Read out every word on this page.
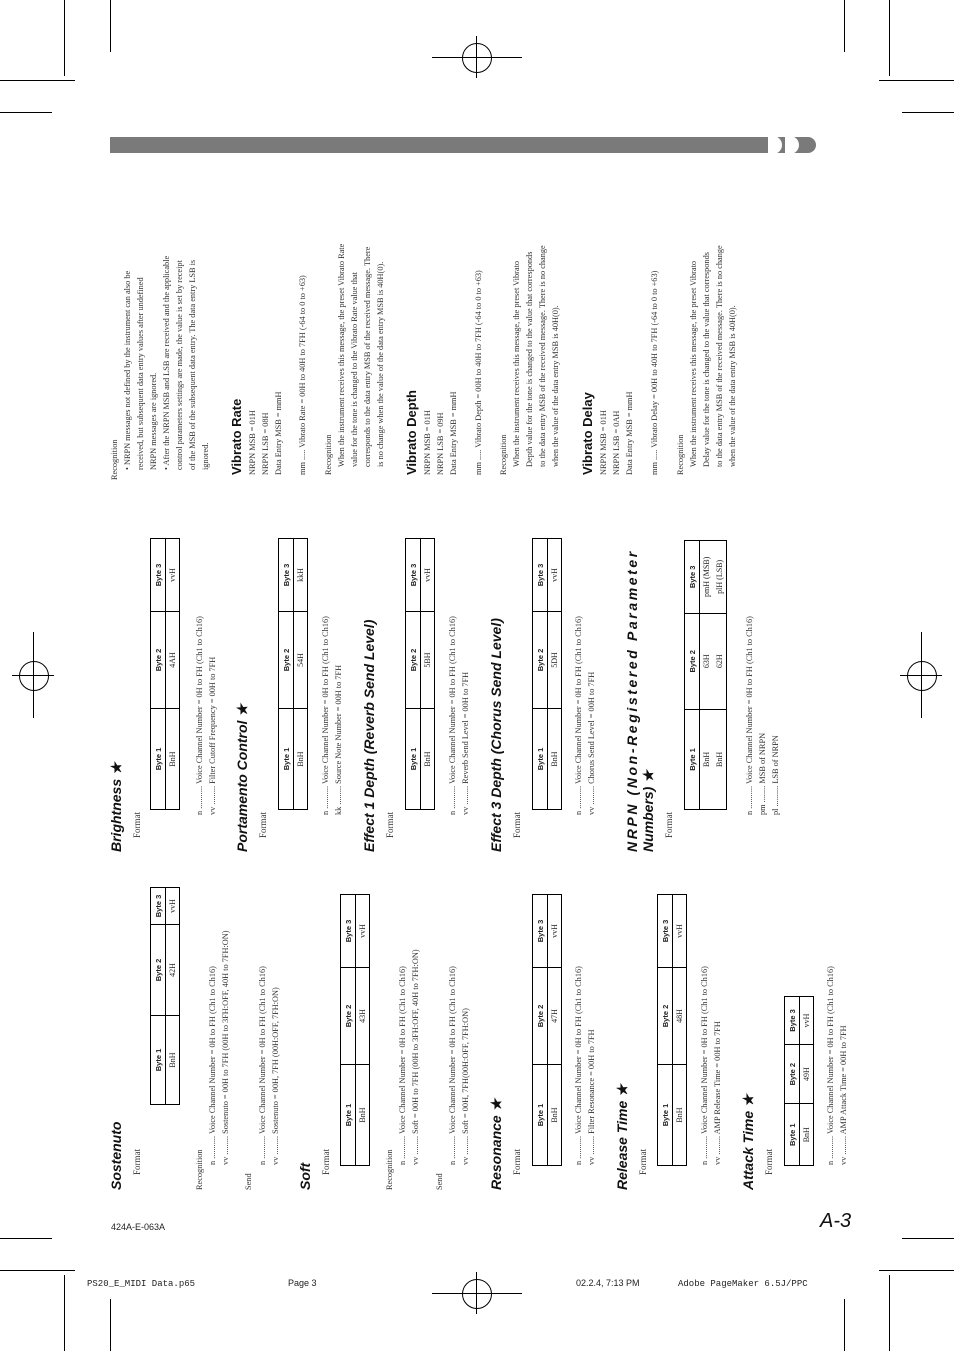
424A-E-063A	A-3
PS20_E_MIDI Data.p65	Page 3	02.2.4, 7:13 PM	Adobe PageMaker 6.5J/PPC
Sostenuto Format
Byte 1	Byte 2	Byte 3
BnH	42H	vvH
Recognition
n ........... Voice Channel Number = 0H to FH (Ch1 to Ch16) vv ......... Sostenuto = 00H to 7FH (00H to 3FH:OFF, 40H to 7FH:ON)
Send
n ........... Voice Channel Number = 0H to FH (Ch1 to Ch16) vv ......... Sostenuto = 00H, 7FH (00H:OFF, 7FH:ON)
Soft
Format
Byte 1	Byte 2	Byte 3
BnH	43H	vvH
Recognition
n ........... Voice Channel Number = 0H to FH (Ch1 to Ch16) vv ......... Soft = 00H to 7FH (00H to 3FH:OFF, 40H to 7FH:ON)
Send
n ........... Voice Channel Number = 0H to FH (Ch1 to Ch16) vv ......... Soft = 00H, 7FH(00H:OFF, 7FH:ON) Resonance ★ Format
Byte 1	Byte 2	Byte 3
BnH	47H	vvH
n ........... Voice Channel Number = 0H to FH (Ch1 to Ch16) vv ......... Filter Resonance = 00H to 7FH Release Time ★ Format
Byte 1	Byte 2	Byte 3
BnH	48H	vvH
n ........... Voice Channel Number = 0H to FH (Ch1 to Ch16) vv ......... AMP Release Time = 00H to 7FH Attack Time ★ Format
Byte 1	Byte 2	Byte 3
BnH	49H	vvH n ........... Voice Channel Number = 0H to FH (Ch1 to Ch16) vv ......... AMP Attack Time = 00H to 7FH
Brightness ★ Format
Byte 1	Byte 2	Byte 3
BnH	4AH	vvH
n ........... Voice Channel Number = 0H to FH (Ch1 to Ch16) vv ......... Filter Cutoff Frequency = 00H to 7FH Portamento Control ★ Format
Byte 1	Byte 2	Byte 3
BnH	54H	kkH
n ........... Voice Channel Number = 0H to FH (Ch1 to Ch16) kk ......... Source Note Number = 00H to 7FH Effect 1 Depth (Reverb Send Level) Format
Byte 1	Byte 2	Byte 3
BnH	5BH	vvH
n ........... Voice Channel Number = 0H to FH (Ch1 to Ch16) vv ......... Reverb Send Level = 00H to 7FH Effect 3 Depth (Chorus Send Level) Format
Byte 1	Byte 2	Byte 3
BnH	5DH	vvH
n ........... Voice Channel Number = 0H to FH (Ch1 to Ch16) vv ......... Chorus Send Level = 00H to 7FH NRPN (Non-Registered Parameter Numbers) ★ Format
Byte 1	Byte 2	Byte 3
BnH	63H	pmH (MSB)
BnH	62H	plH (LSB)
n ........... Voice Channel Number = 0H to FH (Ch1 to Ch16) pm ........ MSB of NRPN pl .......... LSB of NRPN
Recognition • NRPN messages not defined by the instrument can also be received, but subsequent data entry values after undefined NRPN messages are ignored. • After the NRPN MSB and LSB are received and the applicable control parameters settings are made, the value is set by receipt of the MSB of the subsequent data entry. The data entry LSB is ignored. Vibrato Rate NRPN MSB = 01H NRPN LSB = 08H Data Entry MSB = mmH mm ..... Vibrato Rate = 00H to 40H to 7FH (-64 to 0 to +63) Recognition When the instrument receives this message, the preset Vibrato Rate value for the tone is changed to the Vibrato Rate value that corresponds to the data entry MSB of the received message. There is no change when the value of the data entry MSB is 40H(0). Vibrato Depth NRPN MSB = 01H NRPN LSB = 09H Data Entry MSB = mmH mm ..... Vibrato Depth = 00H to 40H to 7FH (-64 to 0 to +63) Recognition When the instrument receives this message, the preset Vibrato Depth value for the tone is changed to the value that corresponds to the data entry MSB of the received message. There is no change when the value of the data entry MSB is 40H(0). Vibrato Delay NRPN MSB = 01H NRPN LSB = 0AH Data Entry MSB = mmH mm ..... Vibrato Delay = 00H to 40H to 7FH (-64 to 0 to +63) Recognition When the instrument receives this message, the preset Vibrato Delay value for the tone is changed to the value that corresponds to the data entry MSB of the received message. There is no change when the value of the data entry MSB is 40H(0).
